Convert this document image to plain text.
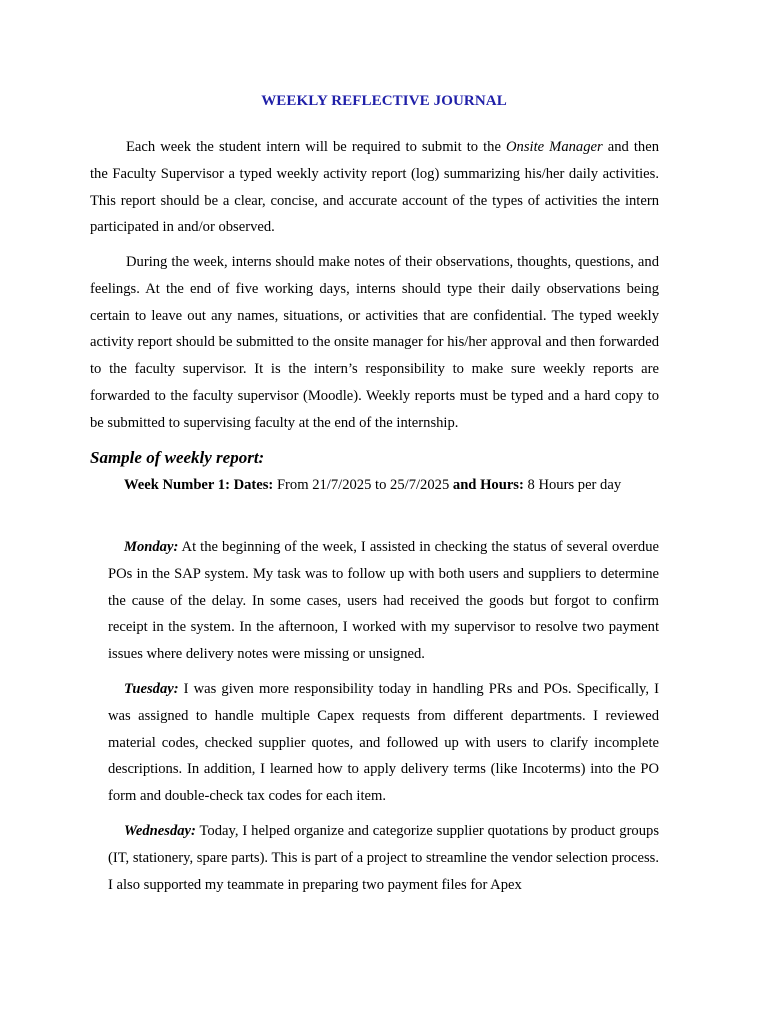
WEEKLY REFLECTIVE JOURNAL

Each week the student intern will be required to submit to the Onsite Manager and then the Faculty Supervisor a typed weekly activity report (log) summarizing his/her daily activities. This report should be a clear, concise, and accurate account of the types of activities the intern participated in and/or observed.

During the week, interns should make notes of their observations, thoughts, questions, and feelings. At the end of five working days, interns should type their daily observations being certain to leave out any names, situations, or activities that are confidential. The typed weekly activity report should be submitted to the onsite manager for his/her approval and then forwarded to the faculty supervisor. It is the intern’s responsibility to make sure weekly reports are forwarded to the faculty supervisor (Moodle). Weekly reports must be typed and a hard copy to be submitted to supervising faculty at the end of the internship.

Sample of weekly report:
Week Number 1: Dates: From 21/7/2025 to 25/7/2025 and Hours: 8 Hours per day

Monday: At the beginning of the week, I assisted in checking the status of several overdue POs in the SAP system. My task was to follow up with both users and suppliers to determine the cause of the delay. In some cases, users had received the goods but forgot to confirm receipt in the system. In the afternoon, I worked with my supervisor to resolve two payment issues where delivery notes were missing or unsigned.

Tuesday: I was given more responsibility today in handling PRs and POs. Specifically, I was assigned to handle multiple Capex requests from different departments. I reviewed material codes, checked supplier quotes, and followed up with users to clarify incomplete descriptions. In addition, I learned how to apply delivery terms (like Incoterms) into the PO form and double-check tax codes for each item.

Wednesday: Today, I helped organize and categorize supplier quotations by product groups (IT, stationery, spare parts). This is part of a project to streamline the vendor selection process. I also supported my teammate in preparing two payment files for Apex
